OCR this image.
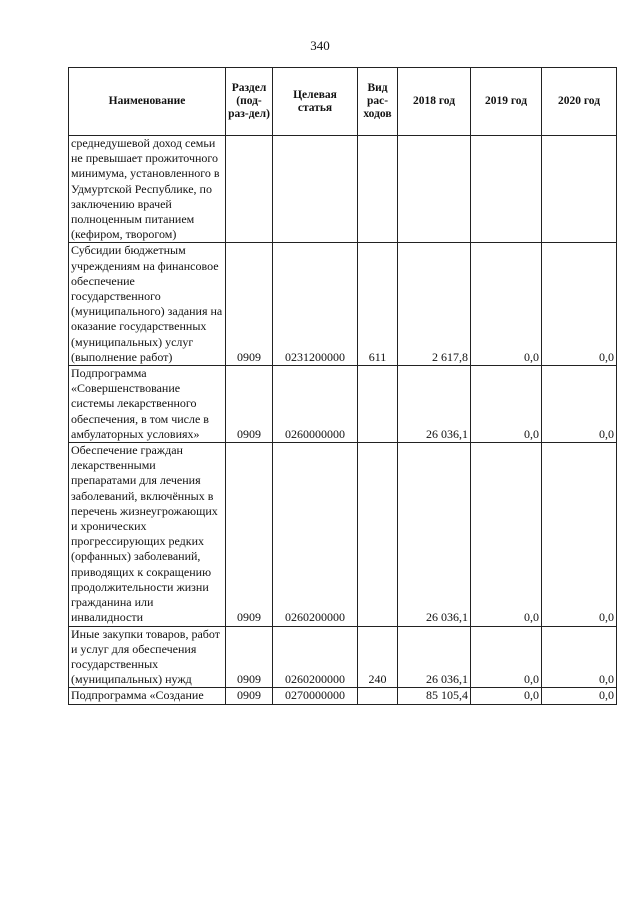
340
Наименование	Раздел (под-раз-дел)	Целевая статья	Вид рас-ходов	2018 год	2019 год	2020 год
среднедушевой доход семьи не превышает прожиточного минимума, установленного в Удмуртской Республике, по заключению врачей полноценным питанием (кефиром, творогом)						
Субсидии бюджетным учреждениям на финансовое обеспечение государственного (муниципального) задания на оказание государственных (муниципальных) услуг (выполнение работ)	0909	0231200000	611	2 617,8	0,0	0,0
Подпрограмма «Совершенствование системы лекарственного обеспечения, в том числе в амбулаторных условиях»	0909	0260000000		26 036,1	0,0	0,0
Обеспечение граждан лекарственными препаратами для лечения заболеваний, включённых в перечень жизнеугрожающих и хронических прогрессирующих редких (орфанных) заболеваний, приводящих к сокращению продолжительности жизни гражданина или инвалидности	0909	0260200000		26 036,1	0,0	0,0
Иные закупки товаров, работ и услуг для обеспечения государственных (муниципальных) нужд	0909	0260200000	240	26 036,1	0,0	0,0
Подпрограмма «Создание	0909	0270000000		85 105,4	0,0	0,0
